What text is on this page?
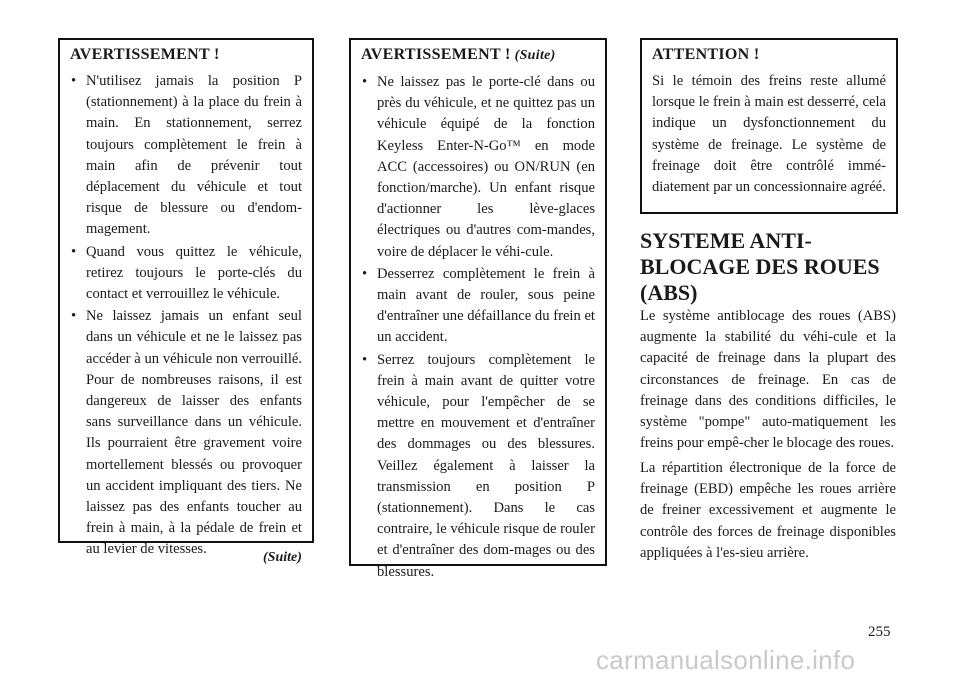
AVERTISSEMENT !
• N'utilisez jamais la position P (stationnement) à la place du frein à main. En stationnement, serrez toujours complètement le frein à main afin de prévenir tout déplacement du véhicule et tout risque de blessure ou d'endom-magement.
• Quand vous quittez le véhicule, retirez toujours le porte-clés du contact et verrouillez le véhicule.
• Ne laissez jamais un enfant seul dans un véhicule et ne le laissez pas accéder à un véhicule non verrouillé. Pour de nombreuses raisons, il est dangereux de laisser des enfants sans surveillance dans un véhicule. Ils pourraient être gravement voire mortellement blessés ou provoquer un accident impliquant des tiers. Ne laissez pas des enfants toucher au frein à main, à la pédale de frein et au levier de vitesses.
(Suite)
AVERTISSEMENT ! (Suite)
• Ne laissez pas le porte-clé dans ou près du véhicule, et ne quittez pas un véhicule équipé de la fonction Keyless Enter-N-Go™ en mode ACC (accessoires) ou ON/RUN (en fonction/marche). Un enfant risque d'actionner les lève-glaces électriques ou d'autres com-mandes, voire de déplacer le véhi-cule.
• Desserrez complètement le frein à main avant de rouler, sous peine d'entraîner une défaillance du frein et un accident.
• Serrez toujours complètement le frein à main avant de quitter votre véhicule, pour l'empêcher de se mettre en mouvement et d'entraîner des dommages ou des blessures. Veillez également à laisser la transmission en position P (stationnement). Dans le cas contraire, le véhicule risque de rouler et d'entraîner des dom-mages ou des blessures.
ATTENTION !

Si le témoin des freins reste allumé lorsque le frein à main est desserré, cela indique un dysfonctionnement du système de freinage. Le système de freinage doit être contrôlé immé-diatement par un concessionnaire agréé.

SYSTEME ANTI-BLOCAGE DES ROUES (ABS)

Le système antiblocage des roues (ABS) augmente la stabilité du véhi-cule et la capacité de freinage dans la plupart des circonstances de freinage. En cas de freinage dans des conditions difficiles, le système "pompe" auto-matiquement les freins pour empê-cher le blocage des roues.

La répartition électronique de la force de freinage (EBD) empêche les roues arrière de freiner excessivement et augmente le contrôle des forces de freinage disponibles appliquées à l'es-sieu arrière.

255
carmanualsonline.info
